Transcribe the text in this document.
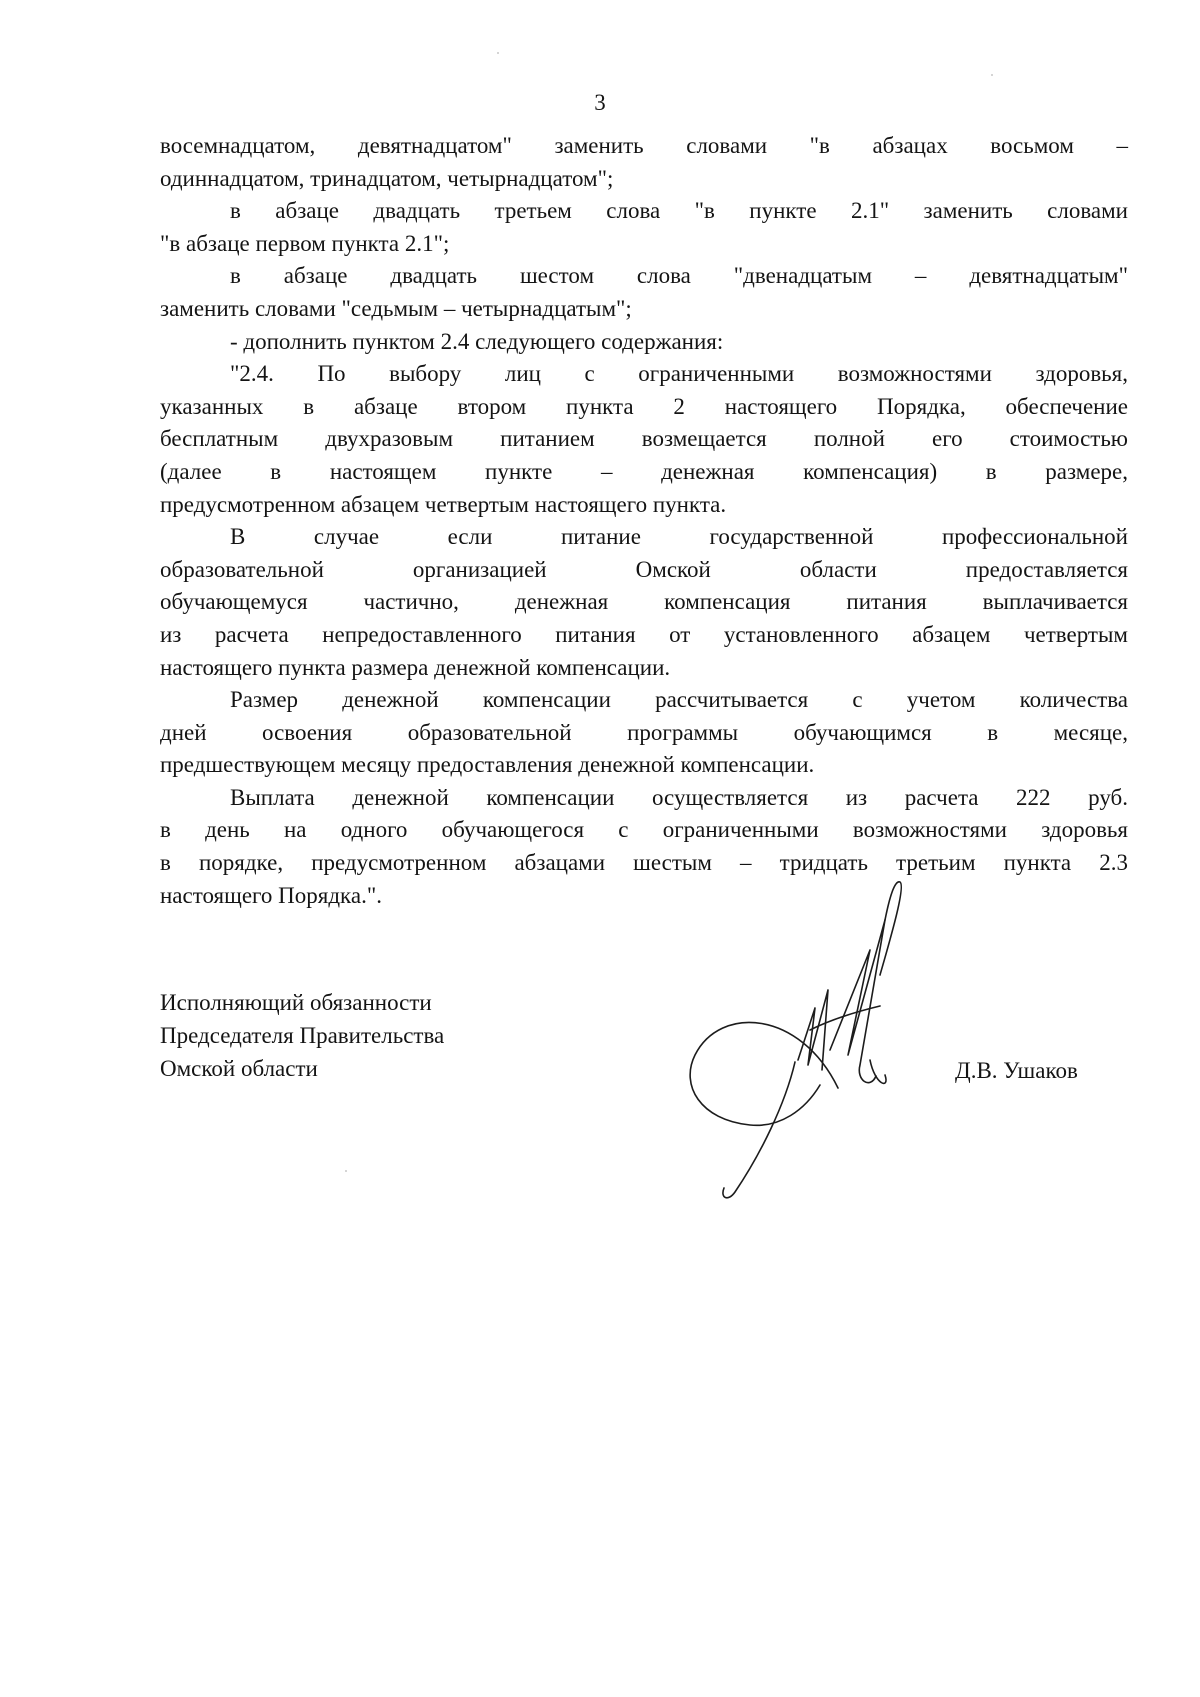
3

восемнадцатом, девятнадцатом" заменить словами "в абзацах восьмом –

одиннадцатом, тринадцатом, четырнадцатом";

в абзаце двадцать третьем слова "в пункте 2.1" заменить словами

"в абзаце первом пункта 2.1";

в абзаце двадцать шестом слова "двенадцатым – девятнадцатым"

заменить словами "седьмым – четырнадцатым";

- дополнить пунктом 2.4 следующего содержания:

"2.4. По выбору лиц с ограниченными возможностями здоровья,

указанных в абзаце втором пункта 2 настоящего Порядка, обеспечение

бесплатным двухразовым питанием возмещается полной его стоимостью

(далее в настоящем пункте – денежная компенсация) в размере,

предусмотренном абзацем четвертым настоящего пункта.

В случае если питание государственной профессиональной

образовательной организацией Омской области предоставляется

обучающемуся частично, денежная компенсация питания выплачивается

из расчета непредоставленного питания от установленного абзацем четвертым

настоящего пункта размера денежной компенсации.

Размер денежной компенсации рассчитывается с учетом количества

дней освоения образовательной программы обучающимся в месяце,

предшествующем месяцу предоставления денежной компенсации.

Выплата денежной компенсации осуществляется из расчета 222 руб.

в день на одного обучающегося с ограниченными возможностями здоровья

в порядке, предусмотренном абзацами шестым – тридцать третьим пункта 2.3

настоящего Порядка.".

Исполняющий обязанности
Председателя Правительства
Омской области	Д.В. Ушаков
